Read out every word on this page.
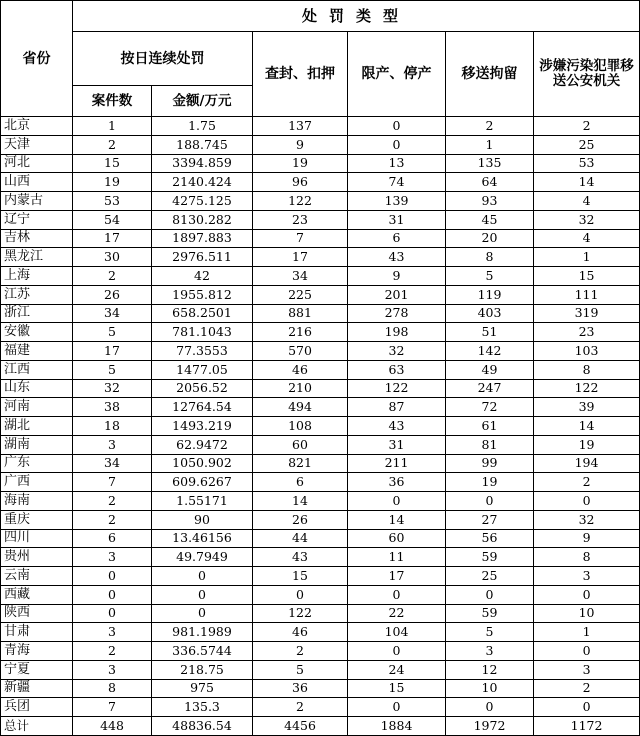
省份	处罚类型					
	按日连续处罚		查封、扣押	限产、停产	移送拘留	涉嫌污染犯罪移送公安机关
	案件数	金额/万元				
北京	1	1.75	137	0	2	2
天津	2	188.745	9	0	1	25
河北	15	3394.859	19	13	135	53
山西	19	2140.424	96	74	64	14
内蒙古	53	4275.125	122	139	93	4
辽宁	54	8130.282	23	31	45	32
吉林	17	1897.883	7	6	20	4
黑龙江	30	2976.511	17	43	8	1
上海	2	42	34	9	5	15
江苏	26	1955.812	225	201	119	111
浙江	34	658.2501	881	278	403	319
安徽	5	781.1043	216	198	51	23
福建	17	77.3553	570	32	142	103
江西	5	1477.05	46	63	49	8
山东	32	2056.52	210	122	247	122
河南	38	12764.54	494	87	72	39
湖北	18	1493.219	108	43	61	14
湖南	3	62.9472	60	31	81	19
广东	34	1050.902	821	211	99	194
广西	7	609.6267	6	36	19	2
海南	2	1.55171	14	0	0	0
重庆	2	90	26	14	27	32
四川	6	13.46156	44	60	56	9
贵州	3	49.7949	43	11	59	8
云南	0	0	15	17	25	3
西藏	0	0	0	0	0	0
陕西	0	0	122	22	59	10
甘肃	3	981.1989	46	104	5	1
青海	2	336.5744	2	0	3	0
宁夏	3	218.75	5	24	12	3
新疆	8	975	36	15	10	2
兵团	7	135.3	2	0	0	0
总计	448	48836.54	4456	1884	1972	1172
